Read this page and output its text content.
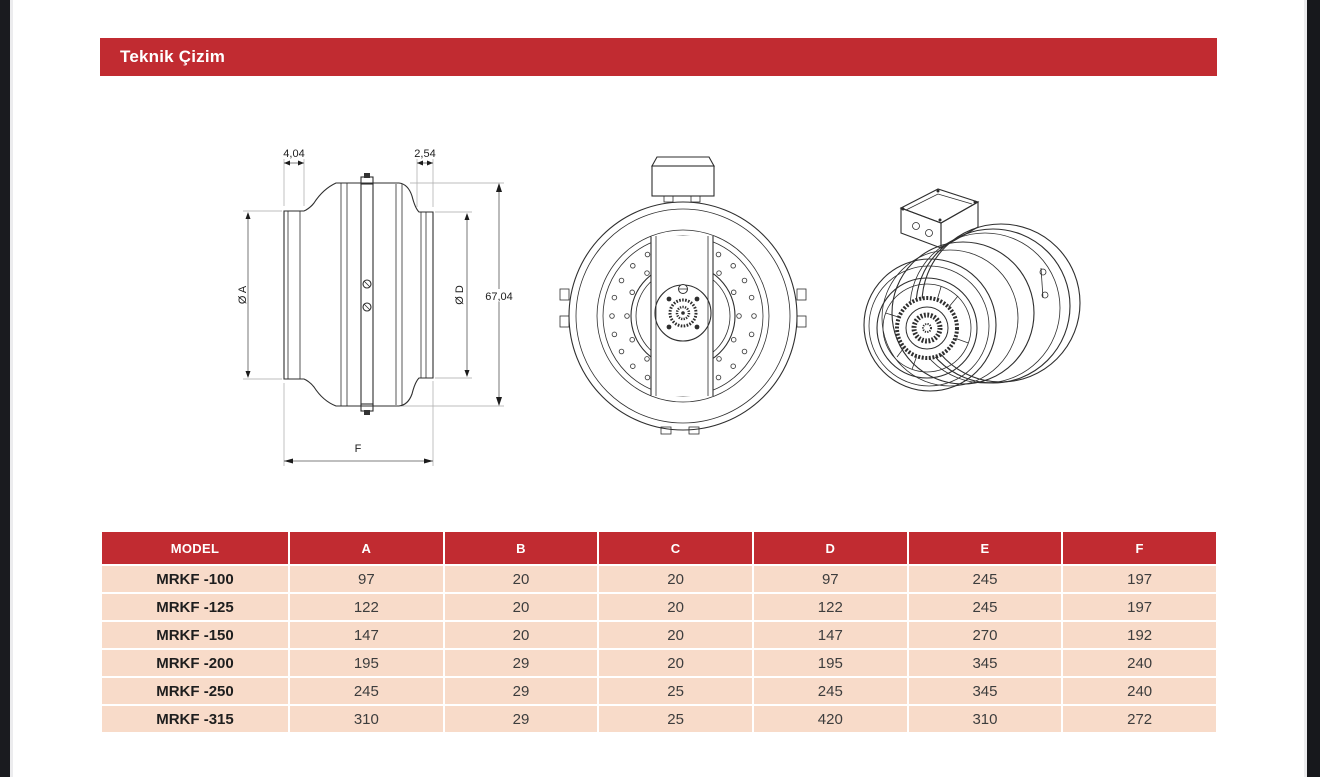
Teknik Çizim
4,04	2,54
Ø A	Ø D 67,04
F
MODEL	A	B	C	D	E	F
MRKF -100	97	20	20	97	245	197
MRKF -125	122	20	20	122	245	197
MRKF -150	147	20	20	147	270	192
MRKF -200	195	29	20	195	345	240
MRKF -250	245	29	25	245	345	240
MRKF -315	310	29	25	420	310	272
